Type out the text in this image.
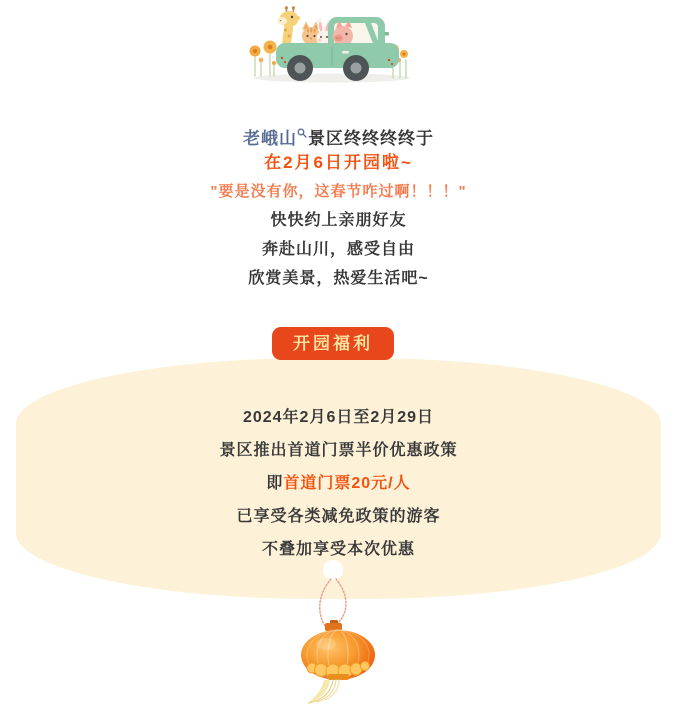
老峨山 景区终终终终于

在2月6日开园啦~

"要是没有你，这春节咋过啊！！！"

快快约上亲朋好友

奔赴山川，感受自由

欣赏美景，热爱生活吧~

开园福利

2024年2月6日至2月29日

景区推出首道门票半价优惠政策

即首道门票20元/人

已享受各类减免政策的游客

不叠加享受本次优惠
